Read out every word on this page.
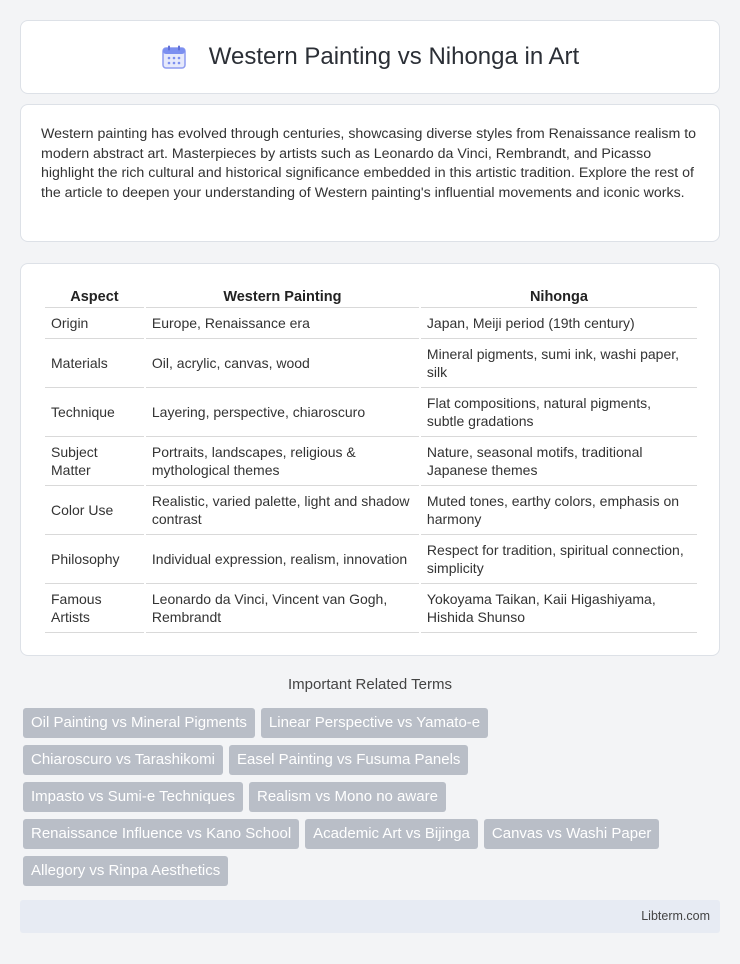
Western Painting vs Nihonga in Art

Western painting has evolved through centuries, showcasing diverse styles from Renaissance realism to modern abstract art. Masterpieces by artists such as Leonardo da Vinci, Rembrandt, and Picasso highlight the rich cultural and historical significance embedded in this artistic tradition. Explore the rest of the article to deepen your understanding of Western painting's influential movements and iconic works.

Aspect	Western Painting	Nihonga
Origin	Europe, Renaissance era	Japan, Meiji period (19th century)
Materials	Oil, acrylic, canvas, wood	Mineral pigments, sumi ink, washi paper, silk
Technique	Layering, perspective, chiaroscuro	Flat compositions, natural pigments, subtle gradations
Subject Matter	Portraits, landscapes, religious & mythological themes	Nature, seasonal motifs, traditional Japanese themes
Color Use	Realistic, varied palette, light and shadow contrast	Muted tones, earthy colors, emphasis on harmony
Philosophy	Individual expression, realism, innovation	Respect for tradition, spiritual connection, simplicity
Famous Artists	Leonardo da Vinci, Vincent van Gogh, Rembrandt	Yokoyama Taikan, Kaii Higashiyama, Hishida Shunso
Important Related Terms
Oil Painting vs Mineral Pigments	Linear Perspective vs Yamato-e
Chiaroscuro vs Tarashikomi	Easel Painting vs Fusuma Panels
Impasto vs Sumi-e Techniques	Realism vs Mono no aware
Renaissance Influence vs Kano School	Academic Art vs Bijinga	Canvas vs Washi Paper
Allegory vs Rinpa Aesthetics
Libterm.com
